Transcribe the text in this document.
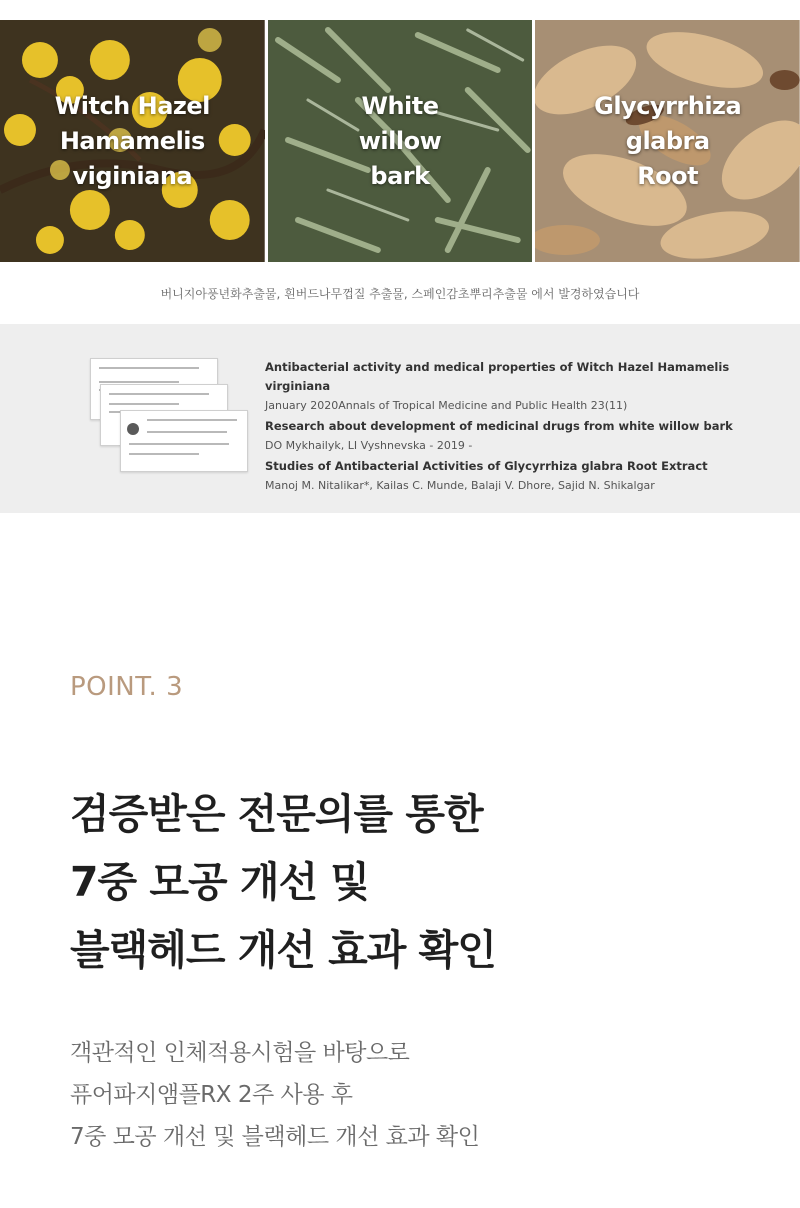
Witch Hazel
Hamamelis
viginiana
White
willow
bark
Glycyrrhiza
glabra
Root
버니지아풍년화추출물, 흰버드나무껍질 추출물, 스페인감초뿌리추출물 에서 발경하였습니다
Antibacterial activity and medical properties of Witch Hazel Hamamelis virginiana
January 2020Annals of Tropical Medicine and Public Health 23(11)
Research about development of medicinal drugs from white willow bark
DO Mykhailyk, LI Vyshnevska - 2019 -
Studies of Antibacterial Activities of Glycyrrhiza glabra Root Extract
Manoj M. Nitalikar*, Kailas C. Munde, Balaji V. Dhore, Sajid N. Shikalgar
POINT. 3
검증받은 전문의를 통한
7중 모공 개선 및
블랙헤드 개선 효과 확인
객관적인 인체적용시험을 바탕으로
퓨어파지앰플RX 2주 사용 후
7중 모공 개선 및 블랙헤드 개선 효과 확인
